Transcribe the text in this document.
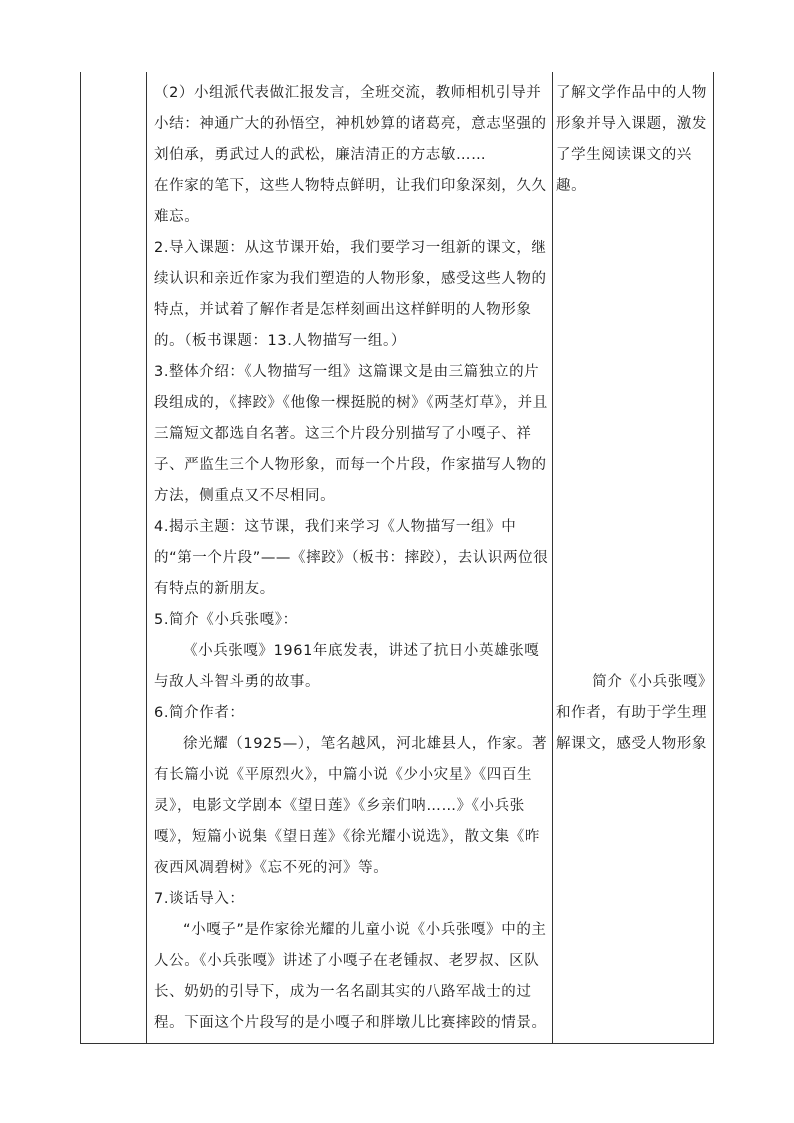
（2）小组派代表做汇报发言，全班交流，教师相机引导并小结：神通广大的孙悟空，神机妙算的诸葛亮，意志坚强的刘伯承，勇武过人的武松，廉洁清正的方志敏……

在作家的笔下，这些人物特点鲜明，让我们印象深刻，久久难忘。

2.导入课题：从这节课开始，我们要学习一组新的课文，继续认识和亲近作家为我们塑造的人物形象，感受这些人物的特点，并试着了解作者是怎样刻画出这样鲜明的人物形象的。（板书课题：13.人物描写一组。）

3.整体介绍：《人物描写一组》这篇课文是由三篇独立的片段组成的，《摔跤》《他像一棵挺脱的树》《两茎灯草》，并且三篇短文都选自名著。这三个片段分别描写了小嘎子、祥子、严监生三个人物形象，而每一个片段，作家描写人物的方法，侧重点又不尽相同。

4.揭示主题：这节课，我们来学习《人物描写一组》中的“第一个片段”——《摔跤》（板书：摔跤），去认识两位很有特点的新朋友。

5.简介《小兵张嘎》：

《小兵张嘎》1961年底发表，讲述了抗日小英雄张嘎与敌人斗智斗勇的故事。

6.简介作者：

徐光耀（1925—），笔名越风，河北雄县人，作家。著有长篇小说《平原烈火》，中篇小说《少小灾星》《四百生灵》，电影文学剧本《望日莲》《乡亲们呐……》《小兵张嘎》，短篇小说集《望日莲》《徐光耀小说选》，散文集《昨夜西风凋碧树》《忘不死的河》等。

7.谈话导入：

“小嘎子”是作家徐光耀的儿童小说《小兵张嘎》中的主人公。《小兵张嘎》讲述了小嘎子在老锺叔、老罗叔、区队长、奶奶的引导下，成为一名名副其实的八路军战士的过程。下面这个片段写的是小嘎子和胖墩儿比赛摔跤的情景。

了解文学作品中的人物形象并导入课题，激发了学生阅读课文的兴趣。

简介《小兵张嘎》和作者，有助于学生理解课文，感受人物形象
